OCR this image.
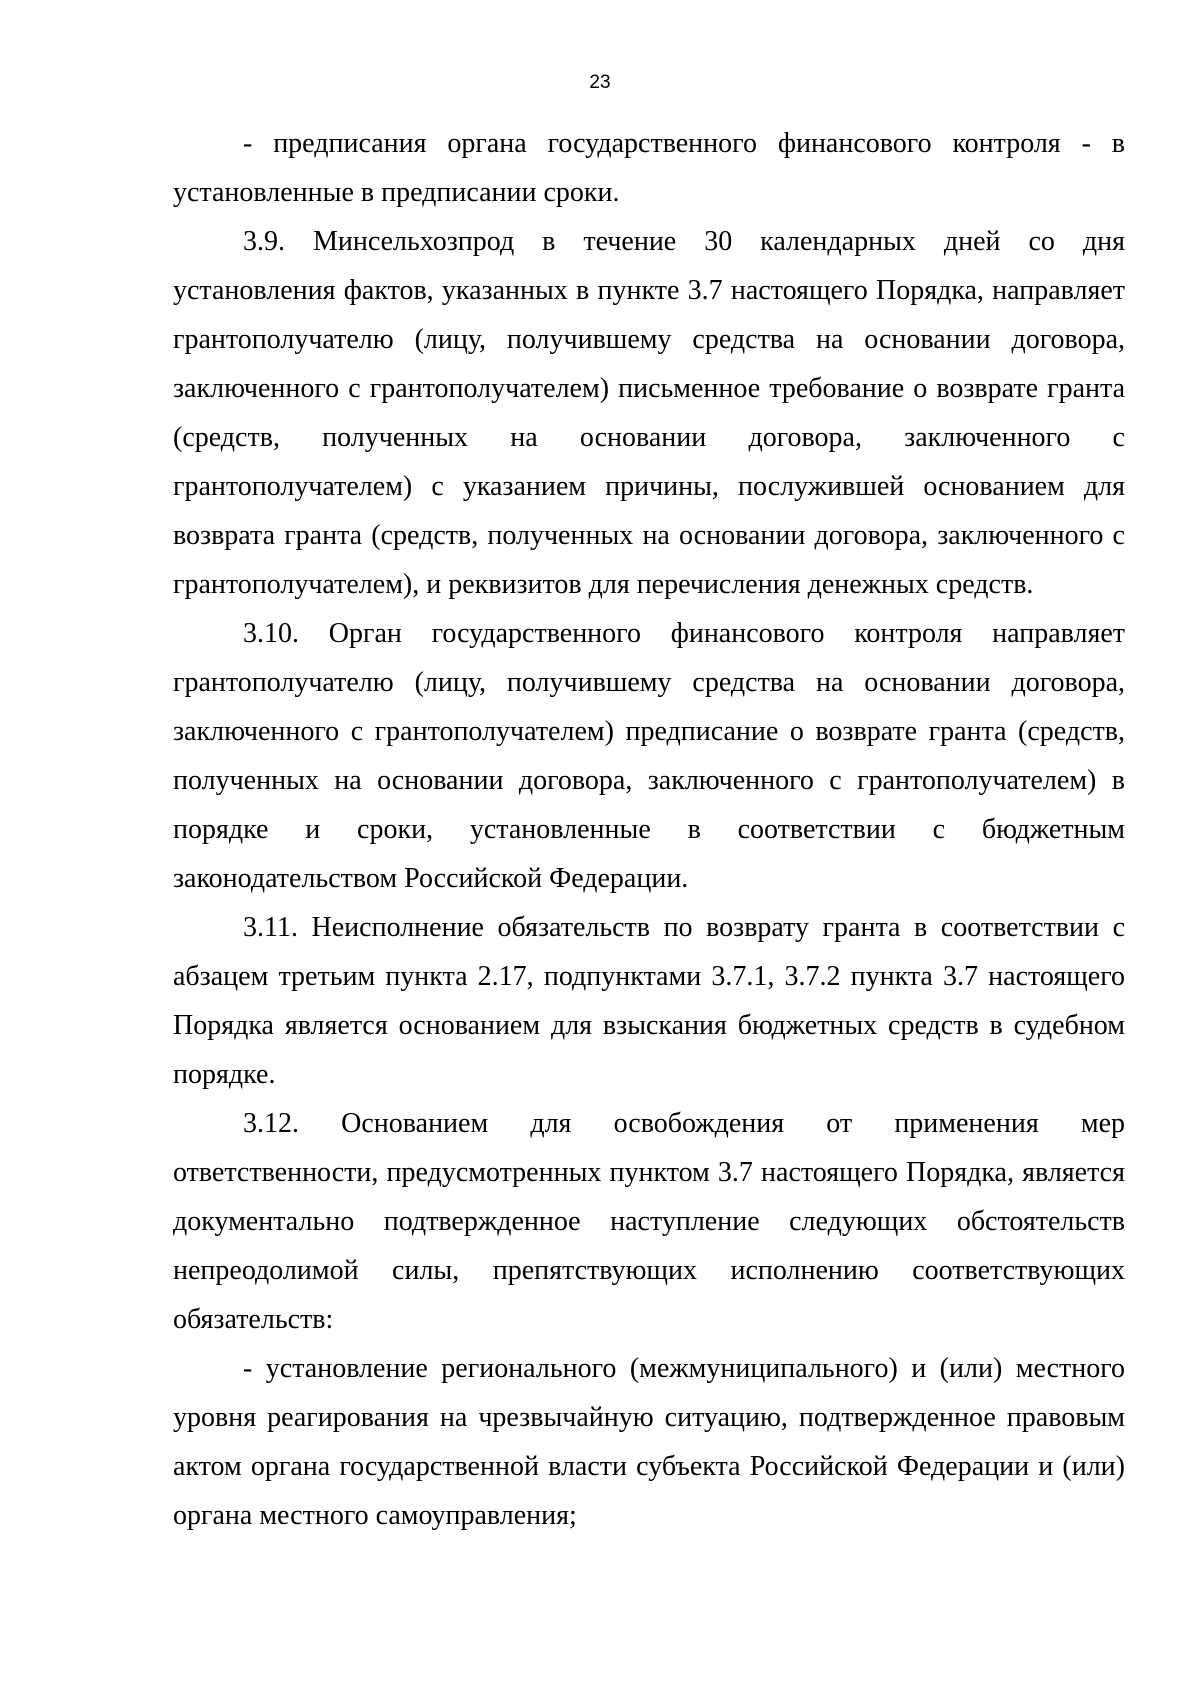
23

- предписания органа государственного финансового контроля - в установленные в предписании сроки.

3.9. Минсельхозпрод в течение 30 календарных дней со дня установления фактов, указанных в пункте 3.7 настоящего Порядка, направляет грантополучателю (лицу, получившему средства на основании договора, заключенного с грантополучателем) письменное требование о возврате гранта (средств, полученных на основании договора, заключенного с грантополучателем) с указанием причины, послужившей основанием для возврата гранта (средств, полученных на основании договора, заключенного с грантополучателем), и реквизитов для перечисления денежных средств.

3.10. Орган государственного финансового контроля направляет грантополучателю (лицу, получившему средства на основании договора, заключенного с грантополучателем) предписание о возврате гранта (средств, полученных на основании договора, заключенного с грантополучателем) в порядке и сроки, установленные в соответствии с бюджетным законодательством Российской Федерации.

3.11. Неисполнение обязательств по возврату гранта в соответствии с абзацем третьим пункта 2.17, подпунктами 3.7.1, 3.7.2 пункта 3.7 настоящего Порядка является основанием для взыскания бюджетных средств в судебном порядке.

3.12. Основанием для освобождения от применения мер ответственности, предусмотренных пунктом 3.7 настоящего Порядка, является документально подтвержденное наступление следующих обстоятельств непреодолимой силы, препятствующих исполнению соответствующих обязательств:

- установление регионального (межмуниципального) и (или) местного уровня реагирования на чрезвычайную ситуацию, подтвержденное правовым актом органа государственной власти субъекта Российской Федерации и (или) органа местного самоуправления;
